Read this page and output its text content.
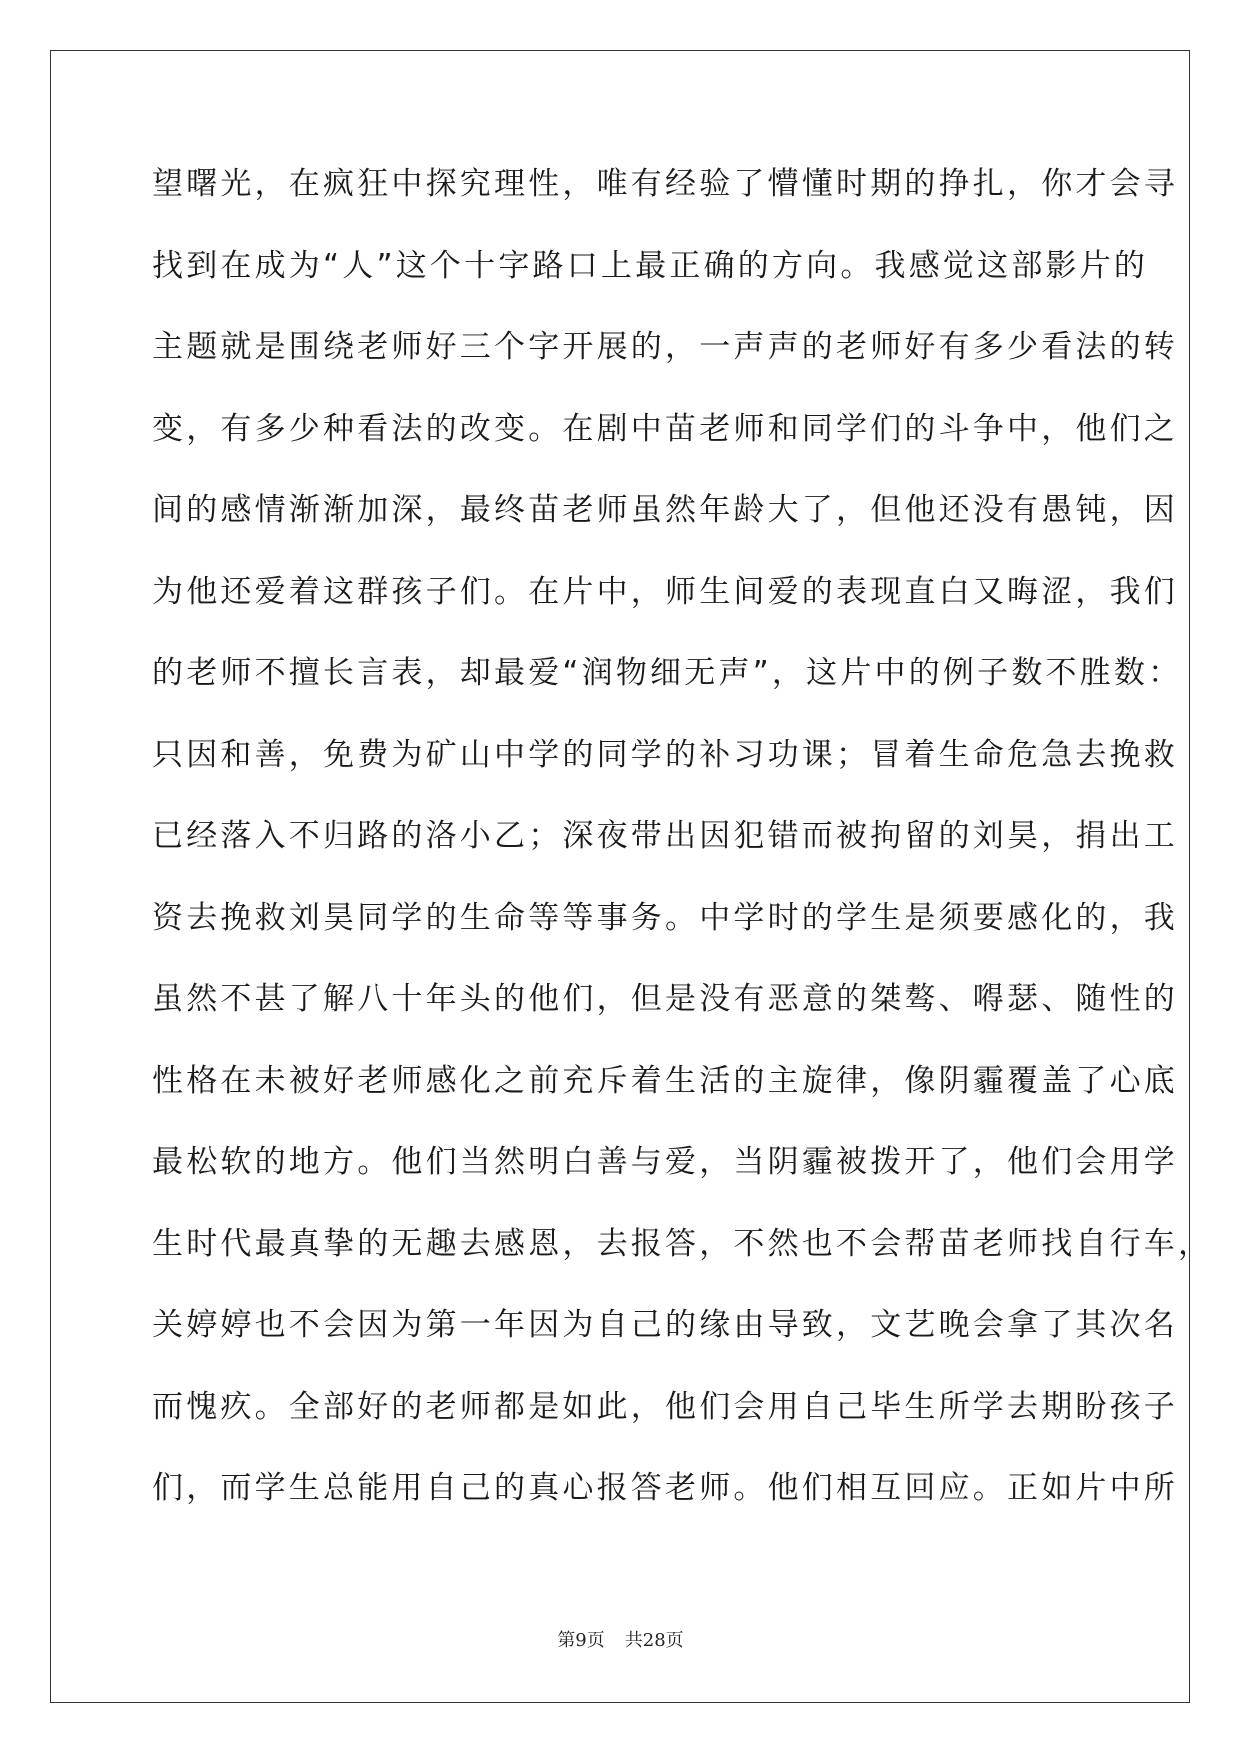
望曙光，在疯狂中探究理性，唯有经验了懵懂时期的挣扎，你才会寻
找到在成为“人”这个十字路口上最正确的方向。我感觉这部影片的
主题就是围绕老师好三个字开展的，一声声的老师好有多少看法的转
变，有多少种看法的改变。在剧中苗老师和同学们的斗争中，他们之
间的感情渐渐加深，最终苗老师虽然年龄大了，但他还没有愚钝，因
为他还爱着这群孩子们。在片中，师生间爱的表现直白又晦涩，我们
的老师不擅长言表，却最爱“润物细无声”，这片中的例子数不胜数：
只因和善，免费为矿山中学的同学的补习功课；冒着生命危急去挽救
已经落入不归路的洛小乙；深夜带出因犯错而被拘留的刘昊，捐出工
资去挽救刘昊同学的生命等等事务。中学时的学生是须要感化的，我
虽然不甚了解八十年头的他们，但是没有恶意的桀骜、嘚瑟、随性的
性格在未被好老师感化之前充斥着生活的主旋律，像阴霾覆盖了心底
最松软的地方。他们当然明白善与爱，当阴霾被拨开了，他们会用学
生时代最真挚的无趣去感恩，去报答，不然也不会帮苗老师找自行车，
关婷婷也不会因为第一年因为自己的缘由导致，文艺晚会拿了其次名
而愧疚。全部好的老师都是如此，他们会用自己毕生所学去期盼孩子
们，而学生总能用自己的真心报答老师。他们相互回应。正如片中所
第9页 共28页
